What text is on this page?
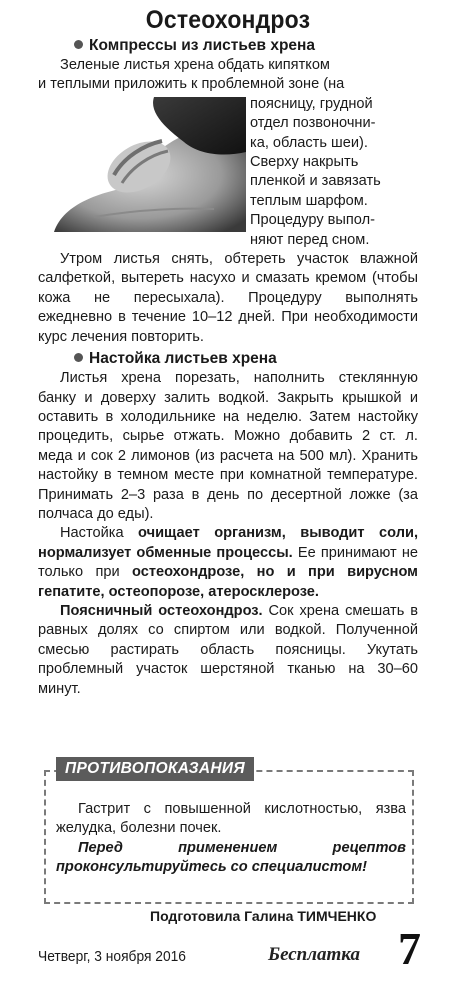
Остеохондроз
Компрессы из листьев хрена
Зеленые листья хрена обдать кипятком
и теплыми приложить к проблемной зоне (на
поясницу, грудной
отдел позвоночни-
ка, область шеи).
Сверху накрыть
пленкой и завязать
теплым шарфом.
Процедуру выпол-
няют перед сном.
Утром листья снять, обтереть участок влажной салфеткой, вытереть насухо и смазать кремом (чтобы кожа не пересыхала). Процедуру выполнять ежедневно в течение 10–12 дней. При необходимости курс лечения повторить.
Настойка листьев хрена
Листья хрена порезать, наполнить стеклянную банку и доверху залить водкой. Закрыть крышкой и оставить в холодильнике на неделю. Затем настойку процедить, сырье отжать. Можно добавить 2 ст. л. меда и сок 2 лимонов (из расчета на 500 мл). Хранить настойку в темном месте при комнатной температуре. Принимать 2–3 раза в день по десертной ложке (за полчаса до еды).
Настойка очищает организм, выводит соли, нормализует обменные процессы. Ее принимают не только при остеохондрозе, но и при вирусном гепатите, остеопорозе, атеросклерозе.
Поясничный остеохондроз. Сок хрена смешать в равных долях со спиртом или водкой. Полученной смесью растирать область поясницы. Укутать проблемный участок шерстяной тканью на 30–60 минут.
ПРОТИВОПОКАЗАНИЯ
Гастрит с повышенной кислотностью, язва желудка, болезни почек.
Перед применением рецептов проконсультируйтесь со специалистом!
Подготовила Галина ТИМЧЕНКО
Четверг, 3 ноября 2016	Бесплатка 7
